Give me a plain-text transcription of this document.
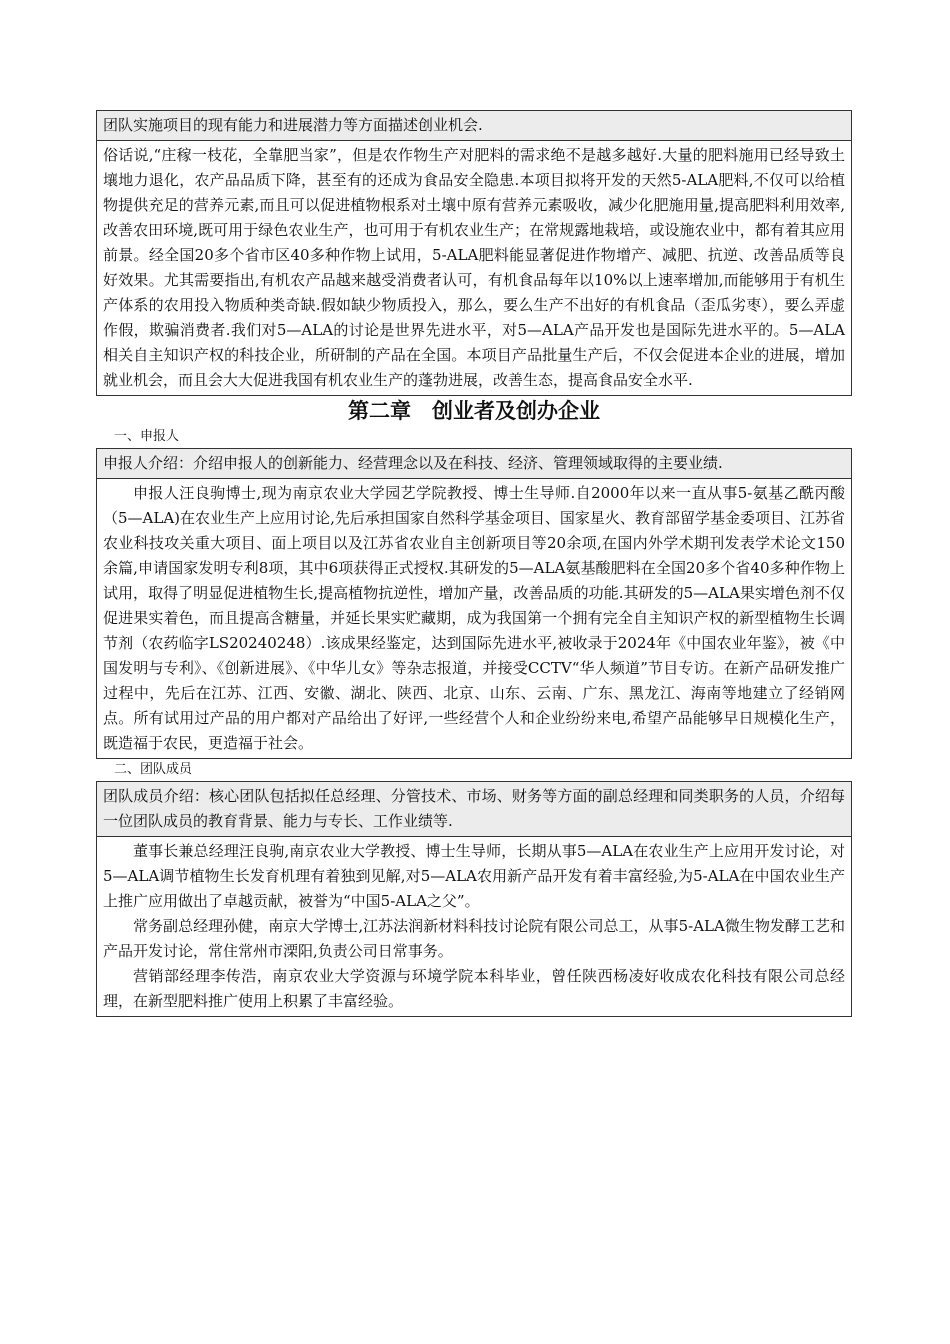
团队实施项目的现有能力和进展潜力等方面描述创业机会.

俗话说,“庄稼一枝花，全靠肥当家”，但是农作物生产对肥料的需求绝不是越多越好.大量的肥料施用已经导致土壤地力退化，农产品品质下降，甚至有的还成为食品安全隐患.本项目拟将开发的天然5-ALA肥料,不仅可以给植物提供充足的营养元素,而且可以促进植物根系对土壤中原有营养元素吸收，减少化肥施用量,提高肥料利用效率,改善农田环境,既可用于绿色农业生产，也可用于有机农业生产；在常规露地栽培，或设施农业中，都有着其应用前景。经全国20多个省市区40多种作物上试用，5-ALA肥料能显著促进作物增产、减肥、抗逆、改善品质等良好效果。尤其需要指出,有机农产品越来越受消费者认可，有机食品每年以10%以上速率增加,而能够用于有机生产体系的农用投入物质种类奇缺.假如缺少物质投入，那么，要么生产不出好的有机食品（歪瓜劣枣），要么弄虚作假，欺骗消费者.我们对5—ALA的讨论是世界先进水平，对5—ALA产品开发也是国际先进水平的。5—ALA相关自主知识产权的科技企业，所研制的产品在全国。本项目产品批量生产后，不仅会促进本企业的进展，增加就业机会，而且会大大促进我国有机农业生产的蓬勃进展，改善生态，提高食品安全水平.

第二章　创业者及创办企业

一、申报人

申报人介绍：介绍申报人的创新能力、经营理念以及在科技、经济、管理领域取得的主要业绩.

申报人汪良驹博士,现为南京农业大学园艺学院教授、博士生导师.自2000年以来一直从事5-氨基乙酰丙酸（5—ALA)在农业生产上应用讨论,先后承担国家自然科学基金项目、国家星火、教育部留学基金委项目、江苏省农业科技攻关重大项目、面上项目以及江苏省农业自主创新项目等20余项,在国内外学术期刊发表学术论文150余篇,申请国家发明专利8项，其中6项获得正式授权.其研发的5—ALA氨基酸肥料在全国20多个省40多种作物上试用，取得了明显促进植物生长,提高植物抗逆性，增加产量，改善品质的功能.其研发的5—ALA果实增色剂不仅促进果实着色，而且提高含糖量，并延长果实贮藏期，成为我国第一个拥有完全自主知识产权的新型植物生长调节剂（农药临字LS20240248）.该成果经鉴定，达到国际先进水平,被收录于2024年《中国农业年鉴》，被《中国发明与专利》、《创新进展》、《中华儿女》等杂志报道，并接受CCTV“华人频道”节目专访。在新产品研发推广过程中，先后在江苏、江西、安徽、湖北、陕西、北京、山东、云南、广东、黑龙江、海南等地建立了经销网点。所有试用过产品的用户都对产品给出了好评,一些经营个人和企业纷纷来电,希望产品能够早日规模化生产，既造福于农民，更造福于社会。

二、团队成员

团队成员介绍：核心团队包括拟任总经理、分管技术、市场、财务等方面的副总经理和同类职务的人员，介绍每一位团队成员的教育背景、能力与专长、工作业绩等.

董事长兼总经理汪良驹,南京农业大学教授、博士生导师，长期从事5—ALA在农业生产上应用开发讨论，对5—ALA调节植物生长发育机理有着独到见解,对5—ALA农用新产品开发有着丰富经验,为5-ALA在中国农业生产上推广应用做出了卓越贡献，被誉为“中国5-ALA之父”。

常务副总经理孙健，南京大学博士,江苏法润新材料科技讨论院有限公司总工，从事5-ALA微生物发酵工艺和产品开发讨论，常住常州市溧阳,负责公司日常事务。

营销部经理李传浩，南京农业大学资源与环境学院本科毕业，曾任陕西杨凌好收成农化科技有限公司总经理，在新型肥料推广使用上积累了丰富经验。
